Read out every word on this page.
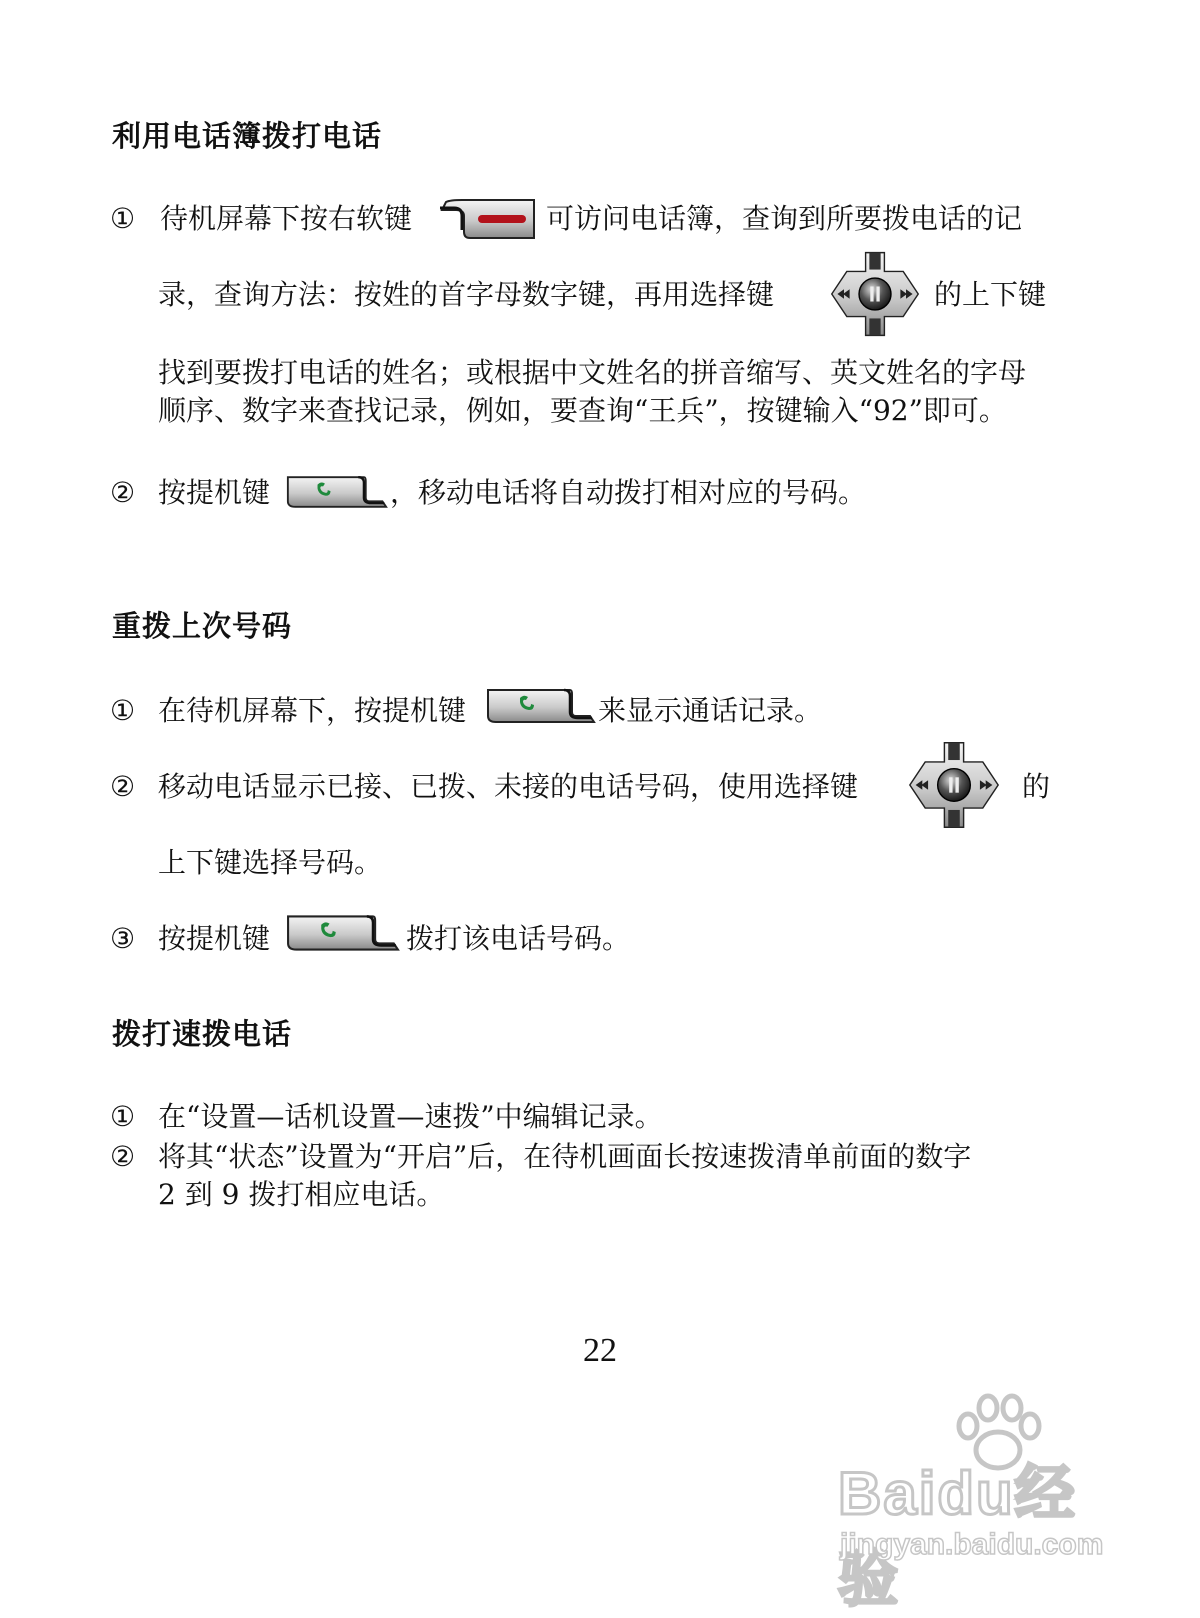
利用电话簿拨打电话
① 待机屏幕下按右软键	可访问电话簿，查询到所要拨电话的记
录，查询方法：按姓的首字母数字键，再用选择键	的上下键
找到要拨打电话的姓名；或根据中文姓名的拼音缩写、英文姓名的字母
顺序、数字来查找记录，例如，要查询“王兵”，按键输入“92”即可。
② 按提机键	，移动电话将自动拨打相对应的号码。
重拨上次号码
① 在待机屏幕下，按提机键	来显示通话记录。
② 移动电话显示已接、已拨、未接的电话号码，使用选择键	的
上下键选择号码。
③ 按提机键	拨打该电话号码。
拨打速拨电话
① 在“设置—话机设置—速拨”中编辑记录。
② 将其“状态”设置为“开启”后，在待机画面长按速拨清单前面的数字
2 到 9 拨打相应电话。
22
Baidu经验
jingyan.baidu.com
